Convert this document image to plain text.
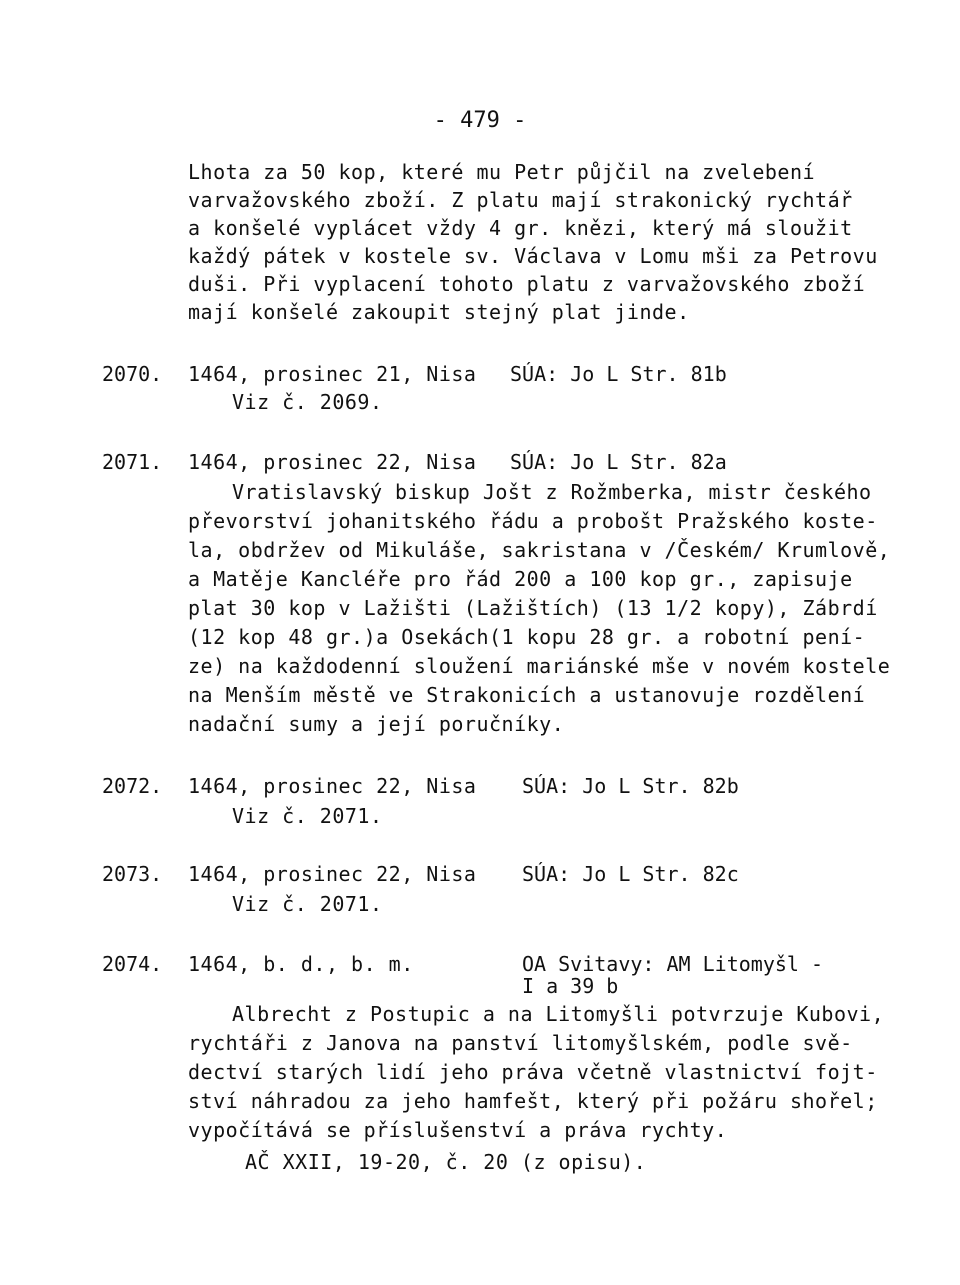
- 479 -
Lhota za 50 kop, které mu Petr půjčil na zvelebení
varvažovského zboží. Z platu mají strakonický rychtář
a konšelé vyplácet vždy 4 gr. knězi, který má sloužit
každý pátek v kostele sv. Václava v Lomu mši za Petrovu
duši. Při vyplacení tohoto platu z varvažovského zboží
mají konšelé zakoupit stejný plat jinde.
2070. 1464, prosinec 21, Nisa SÚA: Jo L Str. 81b
Viz č. 2069.
2071. 1464, prosinec 22, Nisa SÚA: Jo L Str. 82a
Vratislavský biskup Jošt z Rožmberka, mistr českého
převorství johanitského řádu a probošt Pražského koste-
la, obdržev od Mikuláše, sakristana v /Českém/ Krumlově,
a Matěje Kancléře pro řád 200 a 100 kop gr., zapisuje
plat 30 kop v Lažišti (Lažištích) (13 1/2 kopy), Zábrdí
(12 kop 48 gr.)a Osekách(1 kopu 28 gr. a robotní pení-
ze) na každodenní sloužení mariánské mše v novém kostele
na Menším městě ve Strakonicích a ustanovuje rozdělení
nadační sumy a její poručníky.
2072. 1464, prosinec 22, Nisa SÚA: Jo L Str. 82b
Viz č. 2071.
2073. 1464, prosinec 22, Nisa SÚA: Jo L Str. 82c
Viz č. 2071.
2074. 1464, b. d., b. m.	OA Svitavy: AM Litomyšl -
I a 39 b
Albrecht z Postupic a na Litomyšli potvrzuje Kubovi,
rychtáři z Janova na panství litomyšlském, podle svě-
dectví starých lidí jeho práva včetně vlastnictví fojt-
ství náhradou za jeho hamfešt, který při požáru shořel;
vypočítává se příslušenství a práva rychty.
AČ XXII, 19-20, č. 20 (z opisu).
